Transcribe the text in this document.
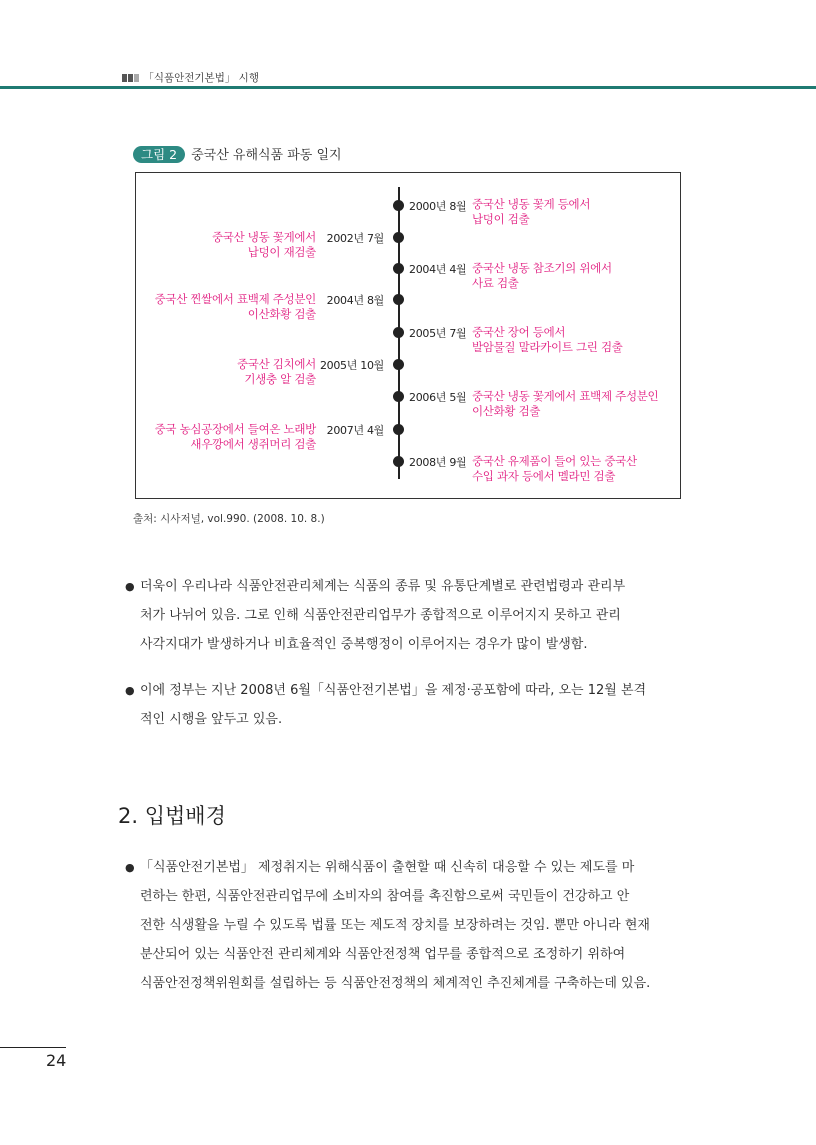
「식품안전기본법」 시행
그림 2 중국산 유해식품 파동 일지
2000년 8월 중국산 냉동 꽃게 등에서
납덩이 검출
2004년 4월 중국산 냉동 참조기의 위에서
사료 검출
2005년 7월 중국산 장어 등에서
발암물질 말라카이트 그린 검출
2006년 5월 중국산 냉동 꽃게에서 표백제 주성분인
이산화황 검출
2008년 9월 중국산 유제품이 들어 있는 중국산
수입 과자 등에서 멜라민 검출
2002년 7월
중국산 냉동 꽃게에서
납덩이 재검출
2004년 8월
중국산 찐쌀에서 표백제 주성분인
이산화황 검출
2005년 10월
중국산 김치에서
기생충 알 검출
2007년 4월
중국 농심공장에서 들여온 노래방
새우깡에서 생쥐머리 검출
출처: 시사저널, vol.990. (2008. 10. 8.)
● 더욱이 우리나라 식품안전관리체계는 식품의 종류 및 유통단계별로 관련법령과 관리부
처가 나뉘어 있음. 그로 인해 식품안전관리업무가 종합적으로 이루어지지 못하고 관리
사각지대가 발생하거나 비효율적인 중복행정이 이루어지는 경우가 많이 발생함.
● 이에 정부는 지난 2008년 6월「식품안전기본법」을 제정·공포함에 따라, 오는 12월 본격
적인 시행을 앞두고 있음.
2. 입법배경
● 「식품안전기본법」 제정취지는 위해식품이 출현할 때 신속히 대응할 수 있는 제도를 마
련하는 한편, 식품안전관리업무에 소비자의 참여를 촉진함으로써 국민들이 건강하고 안
전한 식생활을 누릴 수 있도록 법률 또는 제도적 장치를 보장하려는 것임. 뿐만 아니라 현재
분산되어 있는 식품안전 관리체계와 식품안전정책 업무를 종합적으로 조정하기 위하여
식품안전정책위원회를 설립하는 등 식품안전정책의 체계적인 추진체계를 구축하는데 있음.
24
